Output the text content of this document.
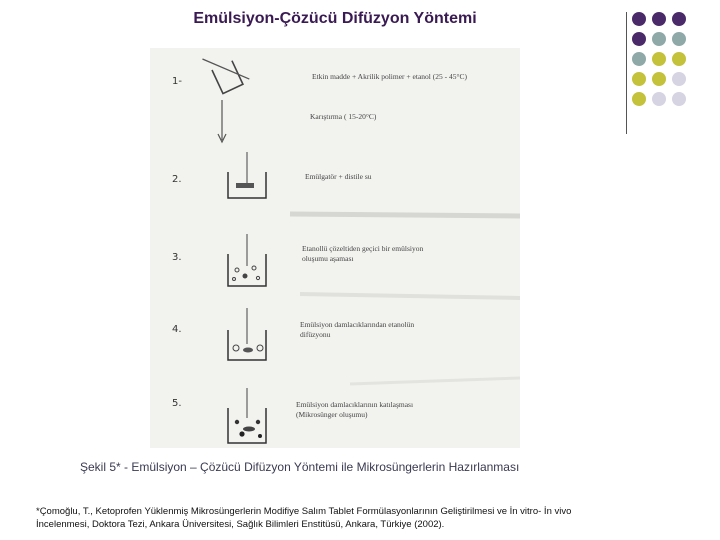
Emülsiyon-Çözücü Difüzyon Yöntemi
1-	Etkin madde + Akrilik polimer + etanol (25 - 45°C)
Karıştırma ( 15-20°C)
2.	Emülgatör + distile su
3.
Etanollü çözeltiden geçici bir emülsiyon
oluşumu aşaması
4.	Emülsiyon damlacıklarından etanolün
difüzyonu
5.	Emülsiyon damlacıklarının katılaşması
(Mikrosünger oluşumu)
Şekil 5* - Emülsiyon – Çözücü Difüzyon Yöntemi ile Mikrosüngerlerin Hazırlanması
*Çomoğlu, T., Ketoprofen Yüklenmiş Mikrosüngerlerin Modifiye Salım Tablet Formülasyonlarının Geliştirilmesi ve İn vitro- İn vivo
İncelenmesi, Doktora Tezi, Ankara Üniversitesi, Sağlık Bilimleri Enstitüsü, Ankara, Türkiye (2002).
